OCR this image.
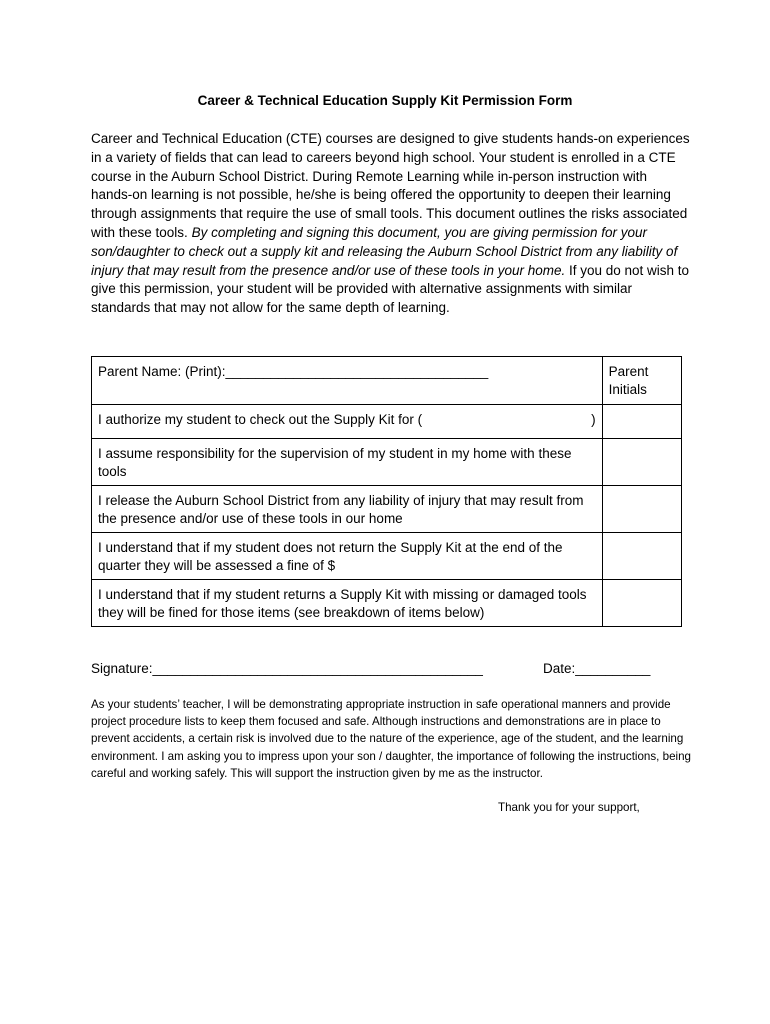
Career & Technical Education Supply Kit Permission Form

Career and Technical Education (CTE) courses are designed to give students hands-on experiences in a variety of fields that can lead to careers beyond high school. Your student is enrolled in a CTE course in the Auburn School District. During Remote Learning while in-person instruction with hands-on learning is not possible, he/she is being offered the opportunity to deepen their learning through assignments that require the use of small tools. This document outlines the risks associated with these tools. By completing and signing this document, you are giving permission for your son/daughter to check out a supply kit and releasing the Auburn School District from any liability of injury that may result from the presence and/or use of these tools in your home. If you do not wish to give this permission, your student will be provided with alternative assignments with similar standards that may not allow for the same depth of learning.

Parent Name: (Print):___________________________________	Parent Initials

I authorize my student to check out the Supply Kit for ( )	

I assume responsibility for the supervision of my student in my home with these tools	
I release the Auburn School District from any liability of injury that may result from the presence and/or use of these tools in our home	
I understand that if my student does not return the Supply Kit at the end of the quarter they will be assessed a fine of $	
I understand that if my student returns a Supply Kit with missing or damaged tools they will be fined for those items (see breakdown of items below)	
Signature:____________________________________________	Date:__________

As your students’ teacher, I will be demonstrating appropriate instruction in safe operational manners and provide project procedure lists to keep them focused and safe. Although instructions and demonstrations are in place to prevent accidents, a certain risk is involved due to the nature of the experience, age of the student, and the learning environment. I am asking you to impress upon your son / daughter, the importance of following the instructions, being careful and working safely. This will support the instruction given by me as the instructor.

Thank you for your support,
